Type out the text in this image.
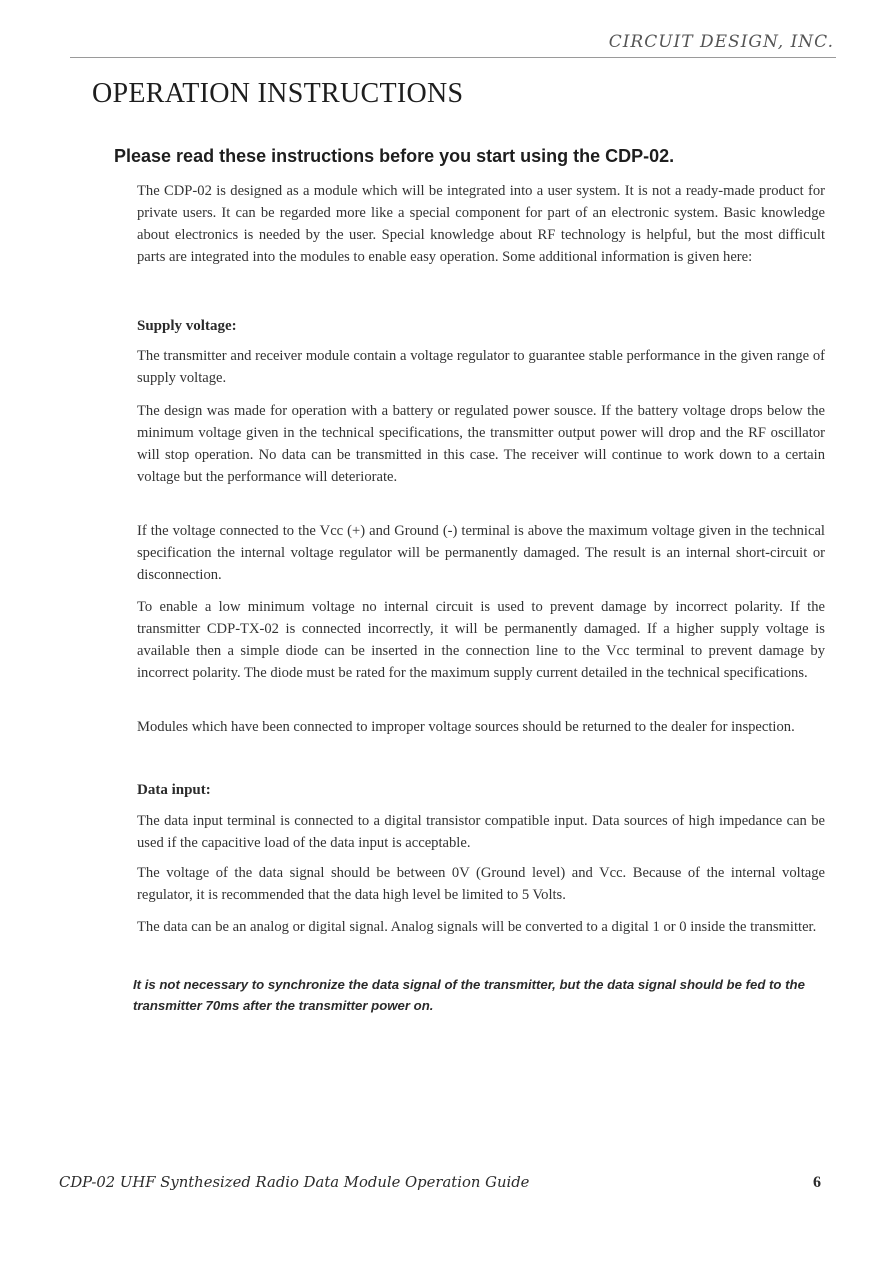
CIRCUIT DESIGN, INC.
OPERATION INSTRUCTIONS
Please read these instructions before you start using the CDP-02.

The CDP-02 is designed as a module which will be integrated into a user system. It is not a ready-made product for private users. It can be regarded more like a special component for part of an electronic system. Basic knowledge about electronics is needed by the user. Special knowledge about RF technology is helpful, but the most difficult parts are integrated into the modules to enable easy operation. Some additional information is given here:

Supply voltage:

The transmitter and receiver module contain a voltage regulator to guarantee stable performance in the given range of supply voltage.

The design was made for operation with a battery or regulated power sousce. If the battery voltage drops below the minimum voltage given in the technical specifications, the transmitter output power will drop and the RF oscillator will stop operation. No data can be transmitted in this case. The receiver will continue to work down to a certain voltage but the performance will deteriorate.

If the voltage connected to the Vcc (+) and Ground (-) terminal is above the maximum voltage given in the technical specification the internal voltage regulator will be permanently damaged. The result is an internal short-circuit or disconnection.

To enable a low minimum voltage no internal circuit is used to prevent damage by incorrect polarity. If the transmitter CDP-TX-02 is connected incorrectly, it will be permanently damaged. If a higher supply voltage is available then a simple diode can be inserted in the connection line to the Vcc terminal to prevent damage by incorrect polarity. The diode must be rated for the maximum supply current detailed in the technical specifications.

Modules which have been connected to improper voltage sources should be returned to the dealer for inspection.

Data input:

The data input terminal is connected to a digital transistor compatible input. Data sources of high impedance can be used if the capacitive load of the data input is acceptable.

The voltage of the data signal should be between 0V (Ground level) and Vcc. Because of the internal voltage regulator, it is recommended that the data high level be limited to 5 Volts.

The data can be an analog or digital signal. Analog signals will be converted to a digital 1 or 0 inside the transmitter.

It is not necessary to synchronize the data signal of the transmitter, but the data signal should be fed to the transmitter 70ms after the transmitter power on.

CDP-02 UHF Synthesized Radio Data Module Operation Guide	6
